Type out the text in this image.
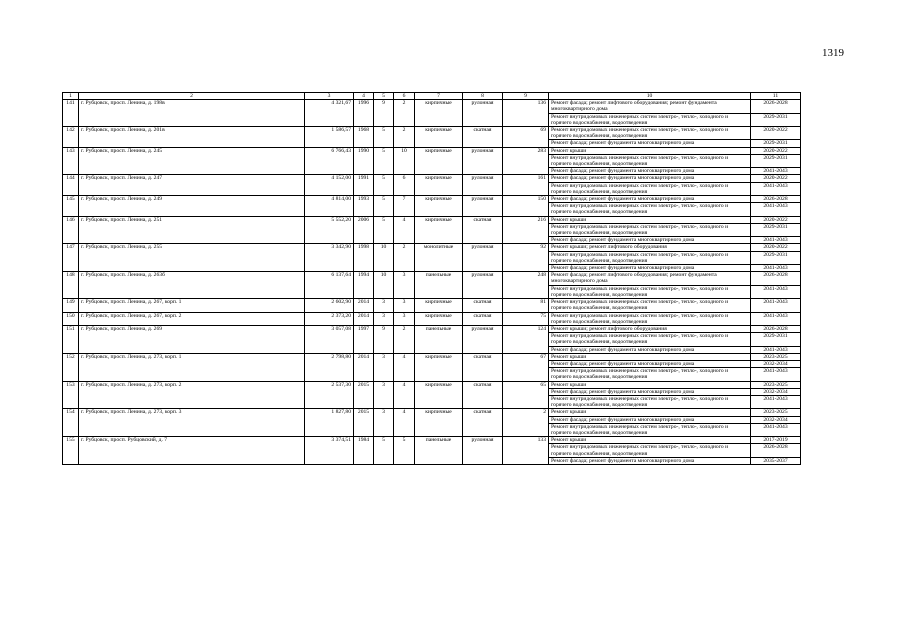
1319
1	2	3	4	5	6	7	8	9	10	11
141	г. Рубцовск, просп. Ленина, д. 198в	4 321,67	1996	9	2	кирпичные	рулонная	136	Ремонт фасада; ремонт лифтового оборудования; ремонт фундамента многоквартирного дома	2026-2028
									Ремонт внутридомовых инженерных систем электро-, тепло-, холодного и горячего водоснабжения, водоотведения	2029-2031
142	г. Рубцовск, просп. Ленина, д. 201в	1 586,57	1968	5	2	кирпичные	скатная	69	Ремонт внутридомовых инженерных систем электро-, тепло-, холодного и горячего водоснабжения, водоотведения	2020-2022
									Ремонт фасада; ремонт фундамента многоквартирного дома	2029-2031
143	г. Рубцовск, просп. Ленина, д. 245	6 766,43	1990	5	10	кирпичные	рулонная	283	Ремонт крыши	2020-2022
									Ремонт внутридомовых инженерных систем электро-, тепло-, холодного и горячего водоснабжения, водоотведения	2029-2031
									Ремонт фасада; ремонт фундамента многоквартирного дома	2041-2043
144	г. Рубцовск, просп. Ленина, д. 247	4 152,00	1991	5	6	кирпичные	рулонная	161	Ремонт фасада; ремонт фундамента многоквартирного дома	2020-2022
									Ремонт внутридомовых инженерных систем электро-, тепло-, холодного и горячего водоснабжения, водоотведения	2041-2043
145	г. Рубцовск, просп. Ленина, д. 249	4 814,00	1993	5	7	кирпичные	рулонная	150	Ремонт фасада; ремонт фундамента многоквартирного дома	2026-2028
									Ремонт внутридомовых инженерных систем электро-, тепло-, холодного и горячего водоснабжения, водоотведения	2041-2043
146	г. Рубцовск, просп. Ленина, д. 251	5 552,20	2006	5	4	кирпичные	скатная	216	Ремонт крыши	2020-2022
									Ремонт внутридомовых инженерных систем электро-, тепло-, холодного и горячего водоснабжения, водоотведения	2029-2031
									Ремонт фасада; ремонт фундамента многоквартирного дома	2041-2043
147	г. Рубцовск, просп. Ленина, д. 255	3 342,90	1998	10	2	монолитные	рулонная	92	Ремонт крыши; ремонт лифтового оборудования	2020-2022
									Ремонт внутридомовых инженерных систем электро-, тепло-, холодного и горячего водоснабжения, водоотведения	2029-2031
									Ремонт фасада; ремонт фундамента многоквартирного дома	2041-2043
148	г. Рубцовск, просп. Ленина, д. 263б	6 137,64	1994	10	3	панельные	рулонная	248	Ремонт фасада; ремонт лифтового оборудования; ремонт фундамента многоквартирного дома	2026-2028
									Ремонт внутридомовых инженерных систем электро-, тепло-, холодного и горячего водоснабжения, водоотведения	2041-2043
149	г. Рубцовск, просп. Ленина, д. 267, корп. 1	2 602,90	2014	3	3	кирпичные	скатная	81	Ремонт внутридомовых инженерных систем электро-, тепло-, холодного и горячего водоснабжения, водоотведения	2041-2043
150	г. Рубцовск, просп. Ленина, д. 267, корп. 2	2 373,20	2014	3	3	кирпичные	скатная	75	Ремонт внутридомовых инженерных систем электро-, тепло-, холодного и горячего водоснабжения, водоотведения	2041-2043
151	г. Рубцовск, просп. Ленина, д. 269	3 057,08	1997	9	2	панельные	рулонная	124	Ремонт крыши; ремонт лифтового оборудования	2026-2028
									Ремонт внутридомовых инженерных систем электро-, тепло-, холодного и горячего водоснабжения, водоотведения	2029-2031
									Ремонт фасада; ремонт фундамента многоквартирного дома	2041-2043
152	г. Рубцовск, просп. Ленина, д. 273, корп. 1	2 798,80	2014	3	4	кирпичные	скатная	67	Ремонт крыши	2023-2025
									Ремонт фасада; ремонт фундамента многоквартирного дома	2032-2034
									Ремонт внутридомовых инженерных систем электро-, тепло-, холодного и горячего водоснабжения, водоотведения	2041-2043
153	г. Рубцовск, просп. Ленина, д. 273, корп. 2	2 537,30	2015	3	4	кирпичные	скатная	65	Ремонт крыши	2023-2025
									Ремонт фасада; ремонт фундамента многоквартирного дома	2032-2034
									Ремонт внутридомовых инженерных систем электро-, тепло-, холодного и горячего водоснабжения, водоотведения	2041-2043
154	г. Рубцовск, просп. Ленина, д. 273, корп. 3	1 827,80	2015	3	4	кирпичные	скатная	2	Ремонт крыши	2023-2025
									Ремонт фасада; ремонт фундамента многоквартирного дома	2032-2034
									Ремонт внутридомовых инженерных систем электро-, тепло-, холодного и горячего водоснабжения, водоотведения	2041-2043
155	г. Рубцовск, просп. Рубцовский, д. 7	3 374,51	1984	5	5	панельные	рулонная	133	Ремонт крыши	2017-2019
									Ремонт внутридомовых инженерных систем электро-, тепло-, холодного и горячего водоснабжения, водоотведения	2026-2028
									Ремонт фасада; ремонт фундамента многоквартирного дома	2035-2037
